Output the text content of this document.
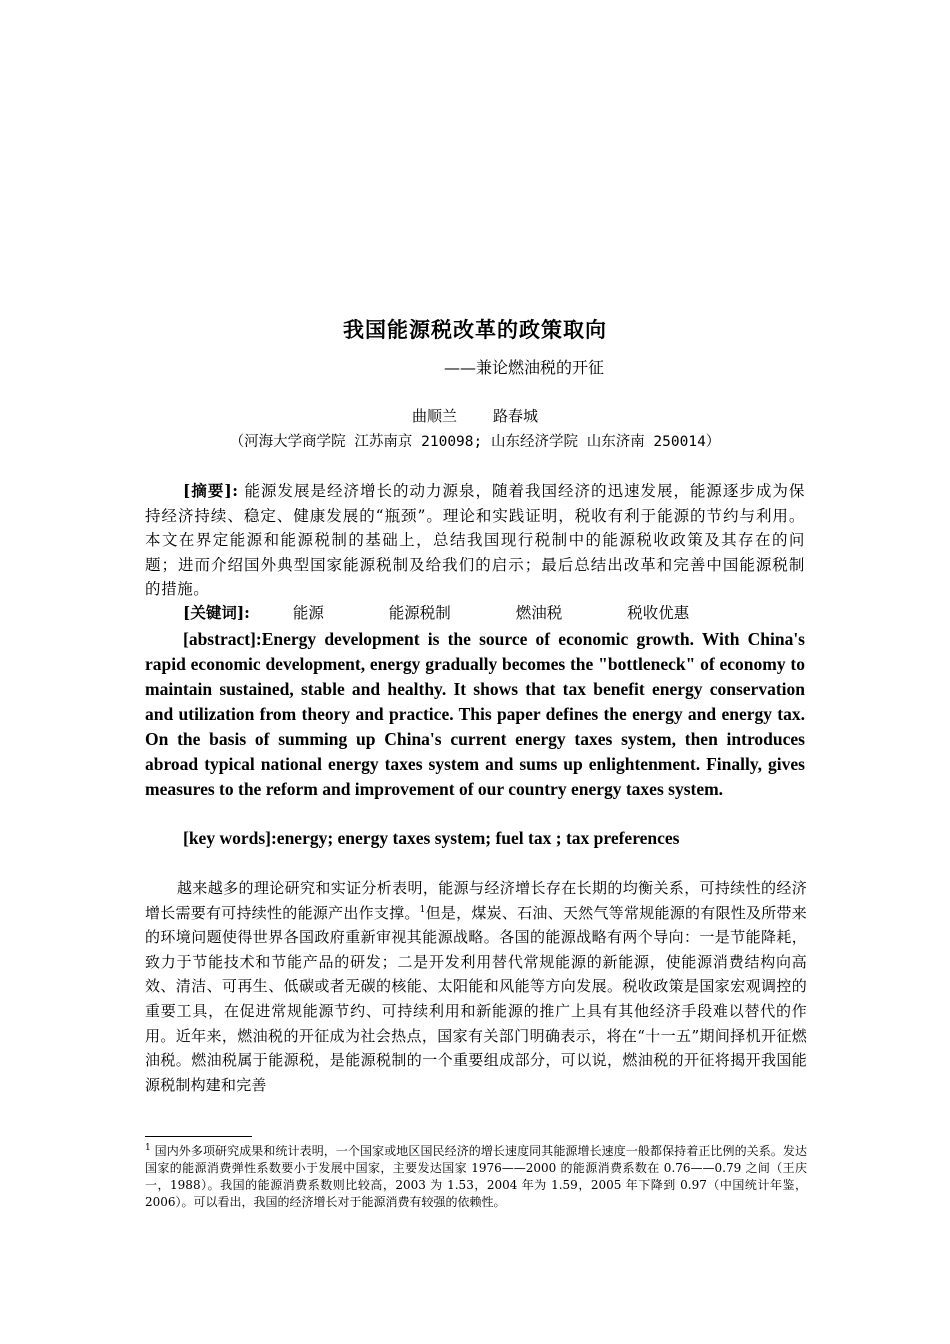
我国能源税改革的政策取向
——兼论燃油税的开征
曲顺兰    路春城
（河海大学商学院 江苏南京 210098; 山东经济学院 山东济南 250014）
[摘要]: 能源发展是经济增长的动力源泉，随着我国经济的迅速发展，能源逐步成为保持经济持续、稳定、健康发展的“瓶颈”。理论和实践证明，税收有利于能源的节约与利用。本文在界定能源和能源税制的基础上，总结我国现行税制中的能源税收政策及其存在的问题；进而介绍国外典型国家能源税制及给我们的启示；最后总结出改革和完善中国能源税制的措施。
[关键词]:	能源	能源税制	燃油税	税收优惠
[abstract]:Energy development is the source of economic growth. With China's rapid economic development, energy gradually becomes the "bottleneck" of economy to maintain sustained, stable and healthy. It shows that tax benefit energy conservation and utilization from theory and practice. This paper defines the energy and energy tax. On the basis of summing up China's current energy taxes system, then introduces abroad typical national energy taxes system and sums up enlightenment. Finally, gives measures to the reform and improvement of our country energy taxes system.
[key words]:energy; energy taxes system; fuel tax ; tax preferences
越来越多的理论研究和实证分析表明，能源与经济增长存在长期的均衡关系，可持续性的经济增长需要有可持续性的能源产出作支撑。$^1$但是，煤炭、石油、天然气等常规能源的有限性及所带来的环境问题使得世界各国政府重新审视其能源战略。各国的能源战略有两个导向：一是节能降耗，致力于节能技术和节能产品的研发；二是开发利用替代常规能源的新能源，使能源消费结构向高效、清洁、可再生、低碳或者无碳的核能、太阳能和风能等方向发展。税收政策是国家宏观调控的重要工具，在促进常规能源节约、可持续利用和新能源的推广上具有其他经济手段难以替代的作用。近年来，燃油税的开征成为社会热点，国家有关部门明确表示，将在“十一五”期间择机开征燃油税。燃油税属于能源税，是能源税制的一个重要组成部分，可以说，燃油税的开征将揭开我国能源税制构建和完善
$^1$ 国内外多项研究成果和统计表明，一个国家或地区国民经济的增长速度同其能源增长速度一般都保持着正比例的关系。发达国家的能源消费弹性系数要小于发展中国家，主要发达国家 1976——2000 的能源消费系数在 0.76——0.79 之间（王庆一，1988）。我国的能源消费系数则比较高，2003 为 1.53，2004 年为 1.59，2005 年下降到 0.97（中国统计年鉴，2006）。可以看出，我国的经济增长对于能源消费有较强的依赖性。
